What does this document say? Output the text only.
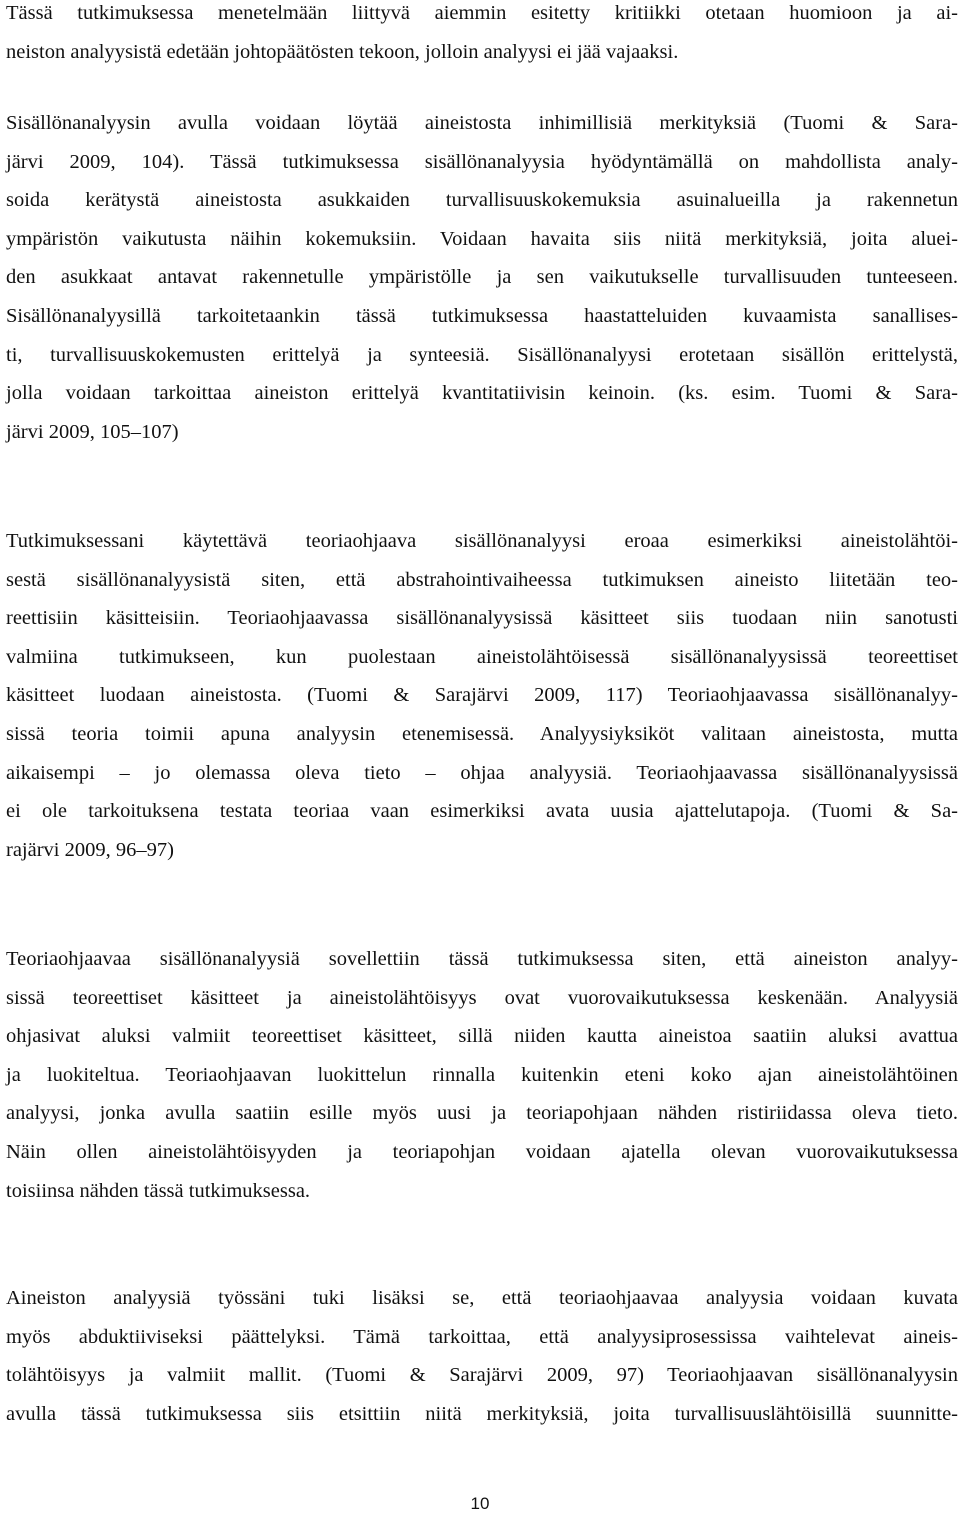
Tässä tutkimuksessa menetelmään liittyvä aiemmin esitetty kritiikki otetaan huomioon ja ai-
neiston analyysistä edetään johtopäätösten tekoon, jolloin analyysi ei jää vajaaksi.
Sisällönanalyysin avulla voidaan löytää aineistosta inhimillisiä merkityksiä (Tuomi & Sara-
järvi 2009, 104). Tässä tutkimuksessa sisällönanalyysia hyödyntämällä on mahdollista analy-
soida kerätystä aineistosta asukkaiden turvallisuuskokemuksia asuinalueilla ja rakennetun
ympäristön vaikutusta näihin kokemuksiin. Voidaan havaita siis niitä merkityksiä, joita aluei-
den asukkaat antavat rakennetulle ympäristölle ja sen vaikutukselle turvallisuuden tunteeseen.
Sisällönanalyysillä tarkoitetaankin tässä tutkimuksessa haastatteluiden kuvaamista sanallises-
ti, turvallisuuskokemusten erittelyä ja synteesiä. Sisällönanalyysi erotetaan sisällön erittelystä,
jolla voidaan tarkoittaa aineiston erittelyä kvantitatiivisin keinoin. (ks. esim. Tuomi & Sara-
järvi 2009, 105–107)
Tutkimuksessani käytettävä teoriaohjaava sisällönanalyysi eroaa esimerkiksi aineistolähtöi-
sestä sisällönanalyysistä siten, että abstrahointivaiheessa tutkimuksen aineisto liitetään teo-
reettisiin käsitteisiin. Teoriaohjaavassa sisällönanalyysissä käsitteet siis tuodaan niin sanotusti
valmiina tutkimukseen, kun puolestaan aineistolähtöisessä sisällönanalyysissä teoreettiset
käsitteet luodaan aineistosta. (Tuomi & Sarajärvi 2009, 117) Teoriaohjaavassa sisällönanalyy-
sissä teoria toimii apuna analyysin etenemisessä. Analyysiyksiköt valitaan aineistosta, mutta
aikaisempi – jo olemassa oleva tieto – ohjaa analyysiä. Teoriaohjaavassa sisällönanalyysissä
ei ole tarkoituksena testata teoriaa vaan esimerkiksi avata uusia ajattelutapoja. (Tuomi & Sa-
rajärvi 2009, 96–97)
Teoriaohjaavaa sisällönanalyysiä sovellettiin tässä tutkimuksessa siten, että aineiston analyy-
sissä teoreettiset käsitteet ja aineistolähtöisyys ovat vuorovaikutuksessa keskenään. Analyysiä
ohjasivat aluksi valmiit teoreettiset käsitteet, sillä niiden kautta aineistoa saatiin aluksi avattua
ja luokiteltua. Teoriaohjaavan luokittelun rinnalla kuitenkin eteni koko ajan aineistolähtöinen
analyysi, jonka avulla saatiin esille myös uusi ja teoriapohjaan nähden ristiriidassa oleva tieto.
Näin ollen aineistolähtöisyyden ja teoriapohjan voidaan ajatella olevan vuorovaikutuksessa
toisiinsa nähden tässä tutkimuksessa.
Aineiston analyysiä työssäni tuki lisäksi se, että teoriaohjaavaa analyysia voidaan kuvata
myös abduktiiviseksi päättelyksi. Tämä tarkoittaa, että analyysiprosessissa vaihtelevat aineis-
tolähtöisyys ja valmiit mallit. (Tuomi & Sarajärvi 2009, 97) Teoriaohjaavan sisällönanalyysin
avulla tässä tutkimuksessa siis etsittiin niitä merkityksiä, joita turvallisuuslähtöisillä suunnitte-
10
